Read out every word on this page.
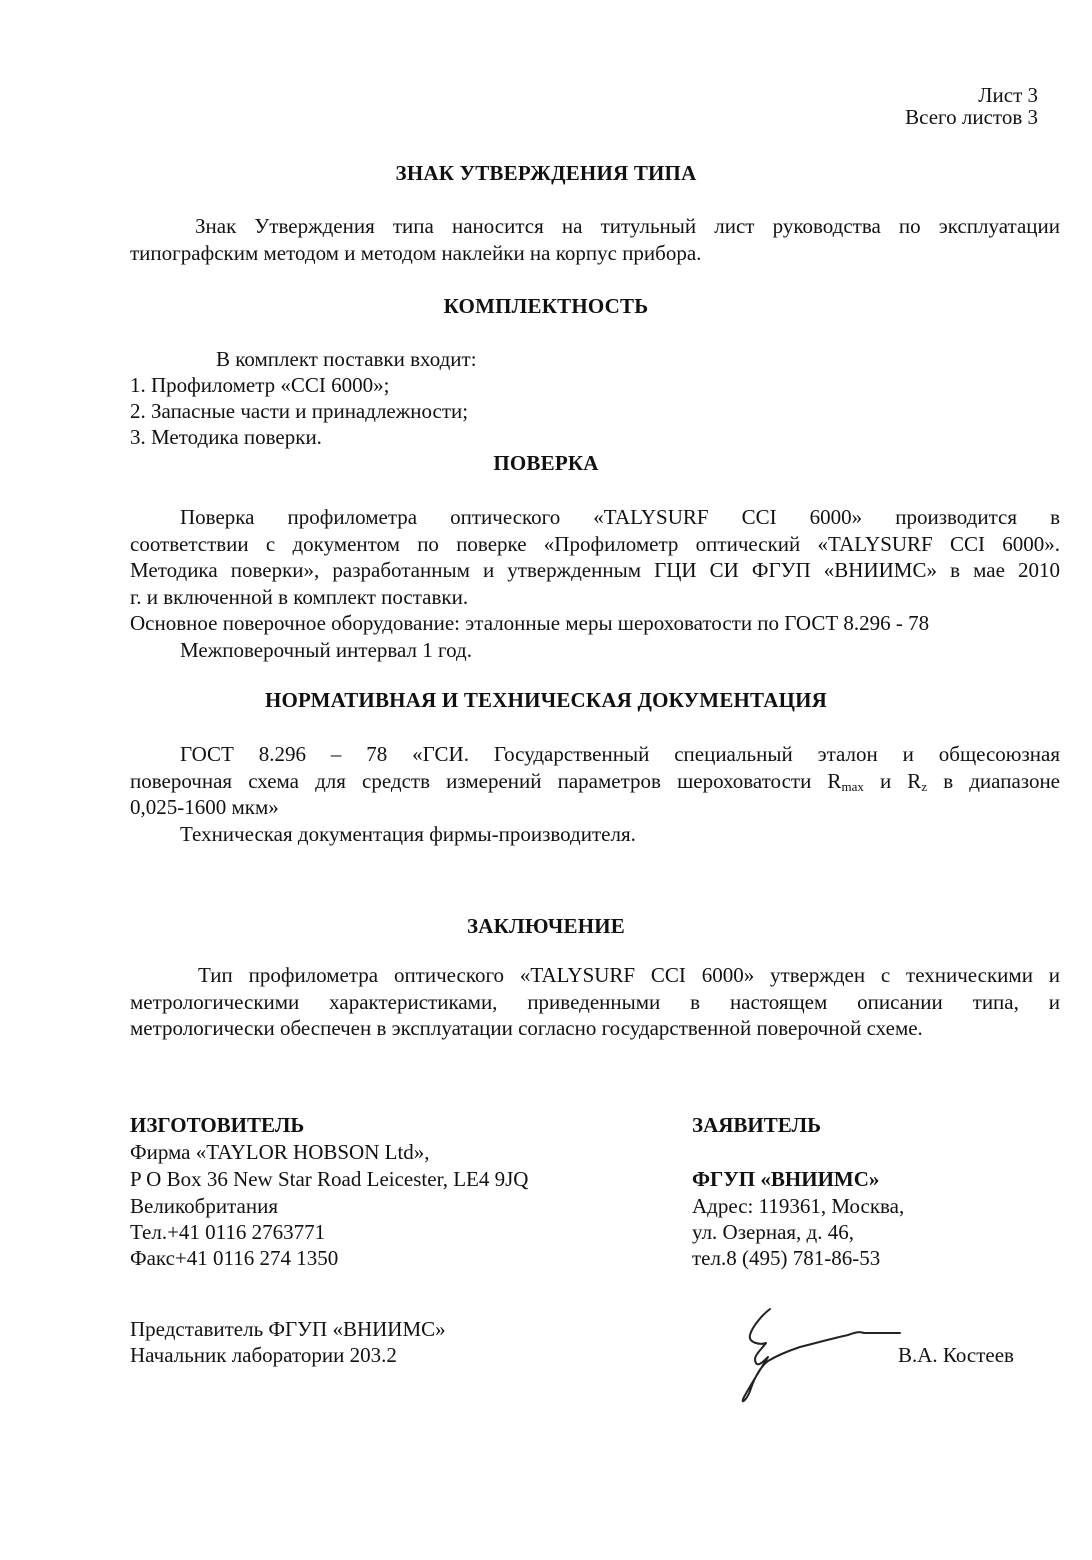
Лист 3
Всего листов 3
ЗНАК УТВЕРЖДЕНИЯ ТИПА
Знак Утверждения типа наносится на титульный лист руководства по эксплуатации
типографским методом и методом наклейки на корпус прибора.
КОМПЛЕКТНОСТЬ
В комплект поставки входит:
1. Профилометр «CCI 6000»;
2. Запасные части и принадлежности;
3. Методика поверки.
ПОВЕРКА
Поверка профилометра оптического «TALYSURF CCI 6000» производится в
соответствии с документом по поверке «Профилометр оптический «TALYSURF CCI 6000».
Методика поверки», разработанным и утвержденным ГЦИ СИ ФГУП «ВНИИМС» в мае 2010
г. и включенной в комплект поставки.
Основное поверочное оборудование: эталонные меры шероховатости по ГОСТ 8.296 - 78
Межповерочный интервал 1 год.
НОРМАТИВНАЯ И ТЕХНИЧЕСКАЯ ДОКУМЕНТАЦИЯ
ГОСТ 8.296 – 78 «ГСИ. Государственный специальный эталон и общесоюзная
поверочная схема для средств измерений параметров шероховатости $R_{max}$ и $R_z$ в диапазоне
0,025-1600 мкм»
Техническая документация фирмы-производителя.
ЗАКЛЮЧЕНИЕ
Тип профилометра оптического «TALYSURF CCI 6000» утвержден с техническими и
метрологическими характеристиками, приведенными в настоящем описании типа, и
метрологически обеспечен в эксплуатации согласно государственной поверочной схеме.
ИЗГОТОВИТЕЛЬ
Фирма «TAYLOR HOBSON Ltd»,
P O Box 36 New Star Road Leicester, LE4 9JQ
Великобритания
Тел.+41 0116 2763771
Факс+41 0116 274 1350
ЗАЯВИТЕЛЬ
ФГУП «ВНИИМС»
Адрес: 119361, Москва,
ул. Озерная, д. 46,
тел.8 (495) 781-86-53
Представитель ФГУП «ВНИИМС»
Начальник лаборатории 203.2	В.А. Костеев
